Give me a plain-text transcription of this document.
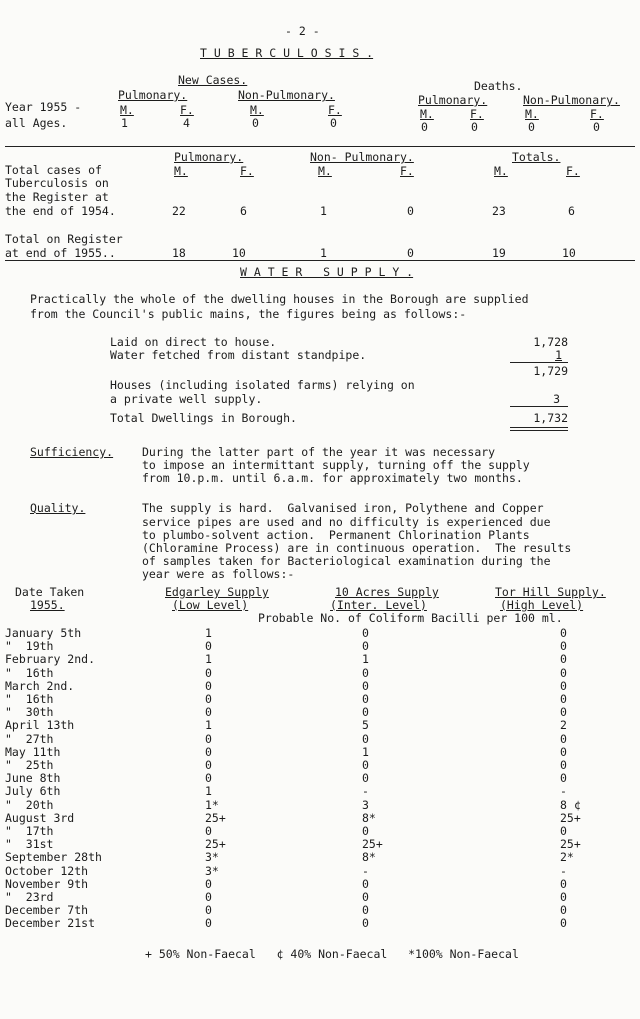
- 2 -
T U B E R C U L O S I S .
Year 1955 -
all Ages.
New Cases.
Pulmonary.	Non-Pulmonary.
M.	F.	M.	F.
1	4	0	0
Deaths.
Pulmonary.	Non-Pulmonary.
M.	F.	M.	F.
0	0	0	0
Pulmonary.	Non- Pulmonary.	Totals.
M.	F.	M.	F.	M.	F.
Total cases of
Tuberculosis on
the Register at
the end of 1954.	22	6	1	0	23	6
Total on Register
at end of 1955..	18	10	1	0	19	10
W A T E R   S U P P L Y .
Practically the whole of the dwelling houses in the Borough are supplied
from the Council's public mains, the figures being as follows:-
Laid on direct to house.	1,728
Water fetched from distant standpipe.	1
1,729
Houses (including isolated farms) relying on
a private well supply.	3
Total Dwellings in Borough.	1,732
Sufficiency.	During the latter part of the year it was necessary
to impose an intermittant supply, turning off the supply
from 10.p.m. until 6.a.m. for approximately two months.
Quality.	The supply is hard.  Galvanised iron, Polythene and Copper
service pipes are used and no difficulty is experienced due
to plumbo-solvent action.  Permanent Chlorination Plants
(Chloramine Process) are in continuous operation.  The results
of samples taken for Bacteriological examination during the
year were as follows:-
Date Taken
1955.
Edgarley Supply
(Low Level)
10 Acres Supply
(Inter. Level)
Tor Hill Supply.
(High Level)
Probable No. of Coliform Bacilli per 100 ml.
January 5th	1	0	0
"  19th	0	0	0
February 2nd.	1	1	0
"  16th	0	0	0
March 2nd.	0	0	0
"  16th	0	0	0
"  30th	0	0	0
April 13th	1	5	2
"  27th	0	0	0
May 11th	0	1	0
"  25th	0	0	0
June 8th	0	0	0
July 6th	1	-	-
"  20th	1*	3	8 ¢
August 3rd	25+	8*	25+
"  17th	0	0	0
"  31st	25+	25+	25+
September 28th	3*	8*	2*
October 12th	3*	-	-
November 9th	0	0	0
"  23rd	0	0	0
December 7th	0	0	0
December 21st	0	0	0
+ 50% Non-Faecal   ¢ 40% Non-Faecal   *100% Non-Faecal
